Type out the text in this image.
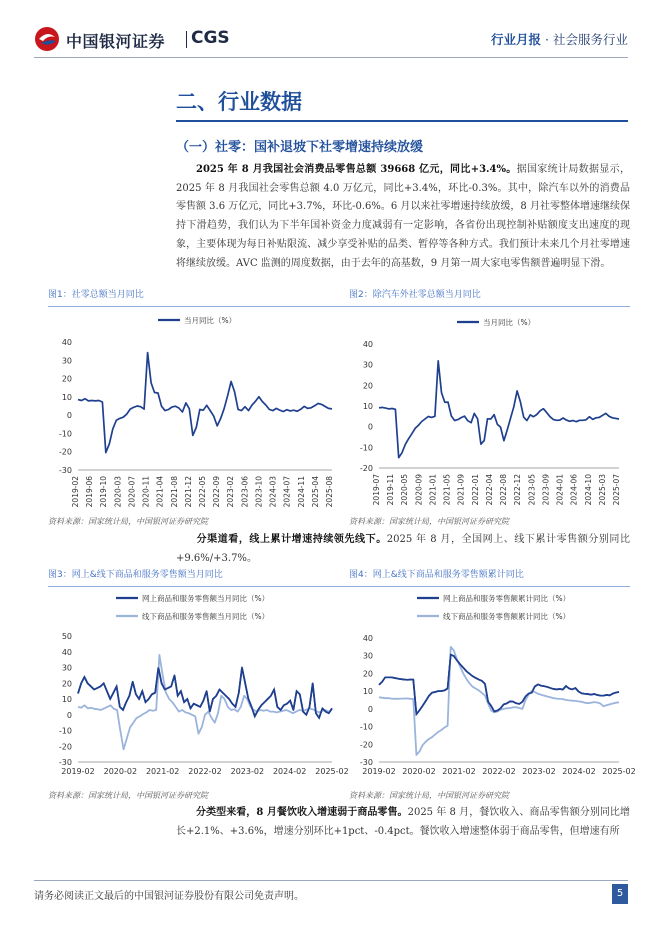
中国银河证券 CGS	行业月报 · 社会服务行业
二、行业数据
（一）社零：国补退坡下社零增速持续放缓
2025 年 8 月我国社会消费品零售总额 39668 亿元，同比+3.4%。据国家统计局数据显示，2025 年 8 月我国社会零售总额 4.0 万亿元，同比+3.4%，环比-0.3%。其中，除汽车以外的消费品零售额 3.6 万亿元，同比+3.7%，环比-0.6%。6 月以来社零增速持续放缓，8 月社零整体增速继续保持下滑趋势，我们认为下半年国补资金力度减弱有一定影响，各省份出现控制补贴额度支出速度的现象，主要体现为每日补贴限流、减少享受补贴的品类、暂停等各种方式。我们预计未来几个月社零增速将继续放缓。AVC 监测的周度数据，由于去年的高基数，9 月第一周大家电零售额普遍明显下滑。
图1：社零总额当月同比
40
30
20
10
0
-10
-20
-30
2019-02 2019-06 2019-10 2020-03 2020-07 2020-11 2021-04 2021-08 2021-12 2022-05 2022-09 2023-02 2023-06 2023-10 2024-03 2024-07 2024-11 2025-04 2025-08
当月同比（%）
资料来源：国家统计局，中国银河证券研究院
图2：除汽车外社零总额当月同比
40
30
20
10
0
-10
-20
2019-07 2019-11 2020-05 2020-09 2021-01 2021-05 2021-09 2022-01 2022-04 2022-08 2022-12 2023-05 2023-09 2024-01 2024-06 2024-10 2025-03 2025-07
当月同比（%）
资料来源：国家统计局，中国银河证券研究院
分渠道看，线上累计增速持续领先线下。2025 年 8 月，全国网上、线下累计零售额分别同比+9.6%/+3.7%。
图3：网上&线下商品和服务零售额当月同比
50
40
30
20
10
0
-10
-20
-30
2019-02 2020-02 2021-02 2022-02 2023-02 2024-02 2025-02
网上商品和服务零售额当月同比（%）
线下商品和服务零售额当月同比（%）
资料来源：国家统计局，中国银河证券研究院
图4：网上&线下商品和服务零售额累计同比
40
30
20
10
0
-10
-20
-30
2019-02 2020-02 2021-02 2022-02 2023-02 2024-02 2025-02
网上商品和服务零售额累计同比（%）
线下商品和服务零售额累计同比（%）
资料来源：国家统计局，中国银河证券研究院
分类型来看，8 月餐饮收入增速弱于商品零售。2025 年 8 月，餐饮收入、商品零售额分别同比增长+2.1%、+3.6%，增速分别环比+1pct、-0.4pct。餐饮收入增速整体弱于商品零售，但增速有所
请务必阅读正文最后的中国银河证券股份有限公司免责声明。	5
